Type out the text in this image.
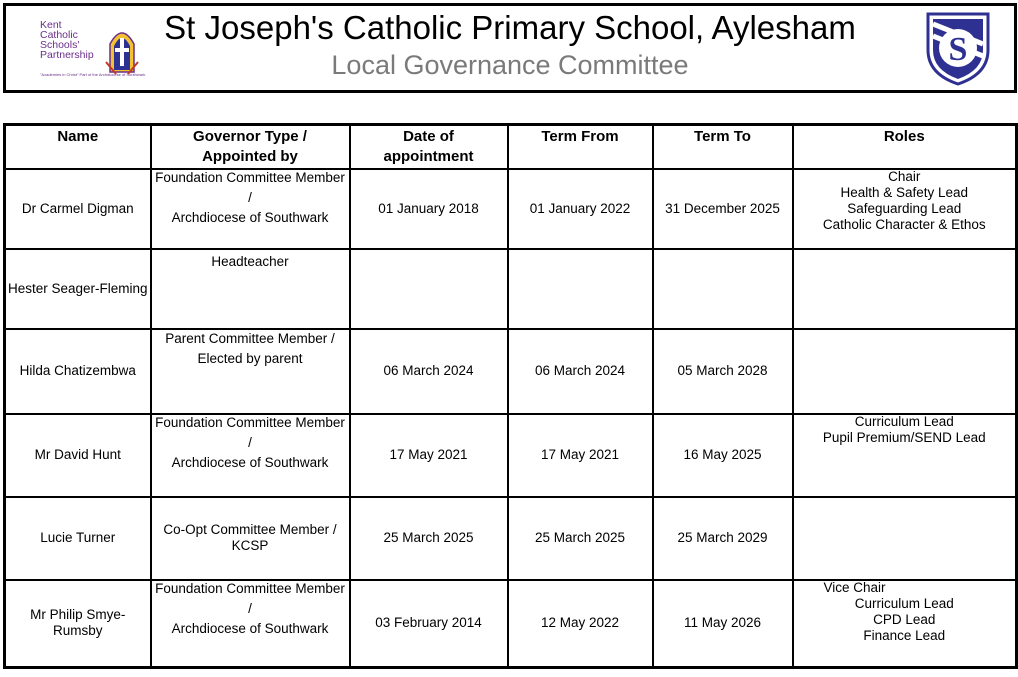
Kent
Catholic
Schools'
Partnership
"Academies in Christ" Part of the Archdiocese of Southwark
St Joseph's Catholic Primary School, Aylesham
Local Governance Committee	S
Name	Governor Type / Appointed by	Date of appointment	Term From	Term To	Roles
Dr Carmel Digman	Foundation Committee Member /
Archdiocese of Southwark	01 January 2018	01 January 2022	31 December 2025	Chair
Health & Safety Lead
Safeguarding Lead
Catholic Character & Ethos

Hester Seager-Fleming	Headteacher				

Hilda Chatizembwa	Parent Committee Member /
Elected by parent	06 March 2024	06 March 2024	05 March 2028	
Mr David Hunt	Foundation Committee Member /
Archdiocese of Southwark	17 May 2021	17 May 2021	16 May 2025	Curriculum Lead
Pupil Premium/SEND Lead

Lucie Turner	Co-Opt Committee Member /
KCSP	25 March 2025	25 March 2025	25 March 2029	
Mr Philip Smye-Rumsby	Foundation Committee Member /
Archdiocese of Southwark	03 February 2014	12 May 2022	11 May 2026	Vice Chair
Curriculum Lead
CPD Lead
Finance Lead
